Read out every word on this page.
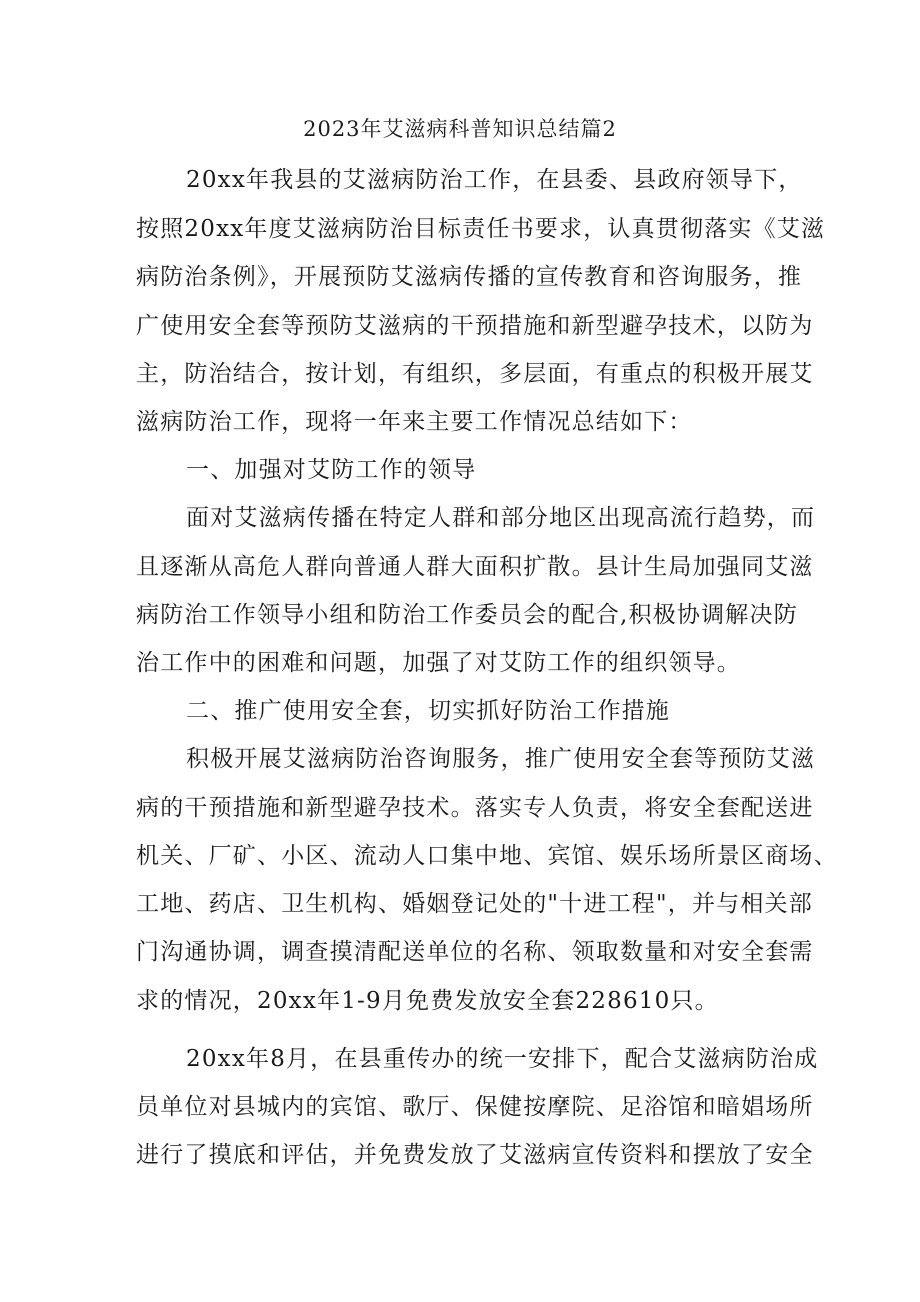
2023年艾滋病科普知识总结篇2
20xx年我县的艾滋病防治工作，在县委、县政府领导下，
按照20xx年度艾滋病防治目标责任书要求，认真贯彻落实《艾滋
病防治条例》，开展预防艾滋病传播的宣传教育和咨询服务，推
广使用安全套等预防艾滋病的干预措施和新型避孕技术，以防为
主，防治结合，按计划，有组织，多层面，有重点的积极开展艾
滋病防治工作，现将一年来主要工作情况总结如下：
一、加强对艾防工作的领导
面对艾滋病传播在特定人群和部分地区出现高流行趋势，而
且逐渐从高危人群向普通人群大面积扩散。县计生局加强同艾滋
病防治工作领导小组和防治工作委员会的配合,积极协调解决防
治工作中的困难和问题，加强了对艾防工作的组织领导。
二、推广使用安全套，切实抓好防治工作措施
积极开展艾滋病防治咨询服务，推广使用安全套等预防艾滋
病的干预措施和新型避孕技术。落实专人负责，将安全套配送进
机关、厂矿、小区、流动人口集中地、宾馆、娱乐场所景区商场、
工地、药店、卫生机构、婚姻登记处的"十进工程"，并与相关部
门沟通协调，调查摸清配送单位的名称、领取数量和对安全套需
求的情况，20xx年1-9月免费发放安全套228610只。
20xx年8月，在县重传办的统一安排下，配合艾滋病防治成
员单位对县城内的宾馆、歌厅、保健按摩院、足浴馆和暗娼场所
进行了摸底和评估，并免费发放了艾滋病宣传资料和摆放了安全
